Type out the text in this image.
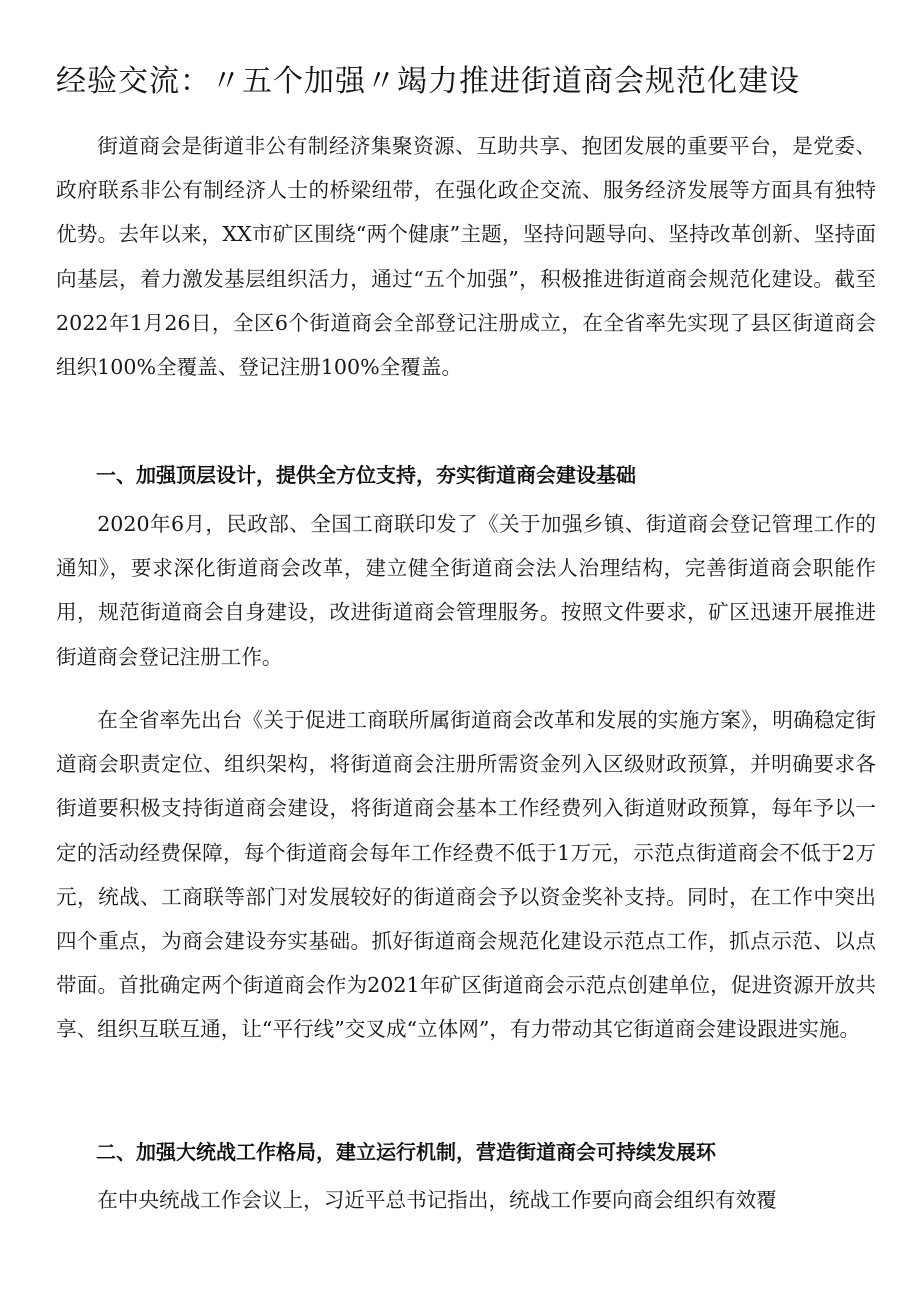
经验交流：〃五个加强〃竭力推进街道商会规范化建设

街道商会是街道非公有制经济集聚资源、互助共享、抱团发展的重要平台，是党委、政府联系非公有制经济人士的桥梁纽带，在强化政企交流、服务经济发展等方面具有独特优势。去年以来，XX市矿区围绕“两个健康”主题，坚持问题导向、坚持改革创新、坚持面向基层，着力激发基层组织活力，通过“五个加强”，积极推进街道商会规范化建设。截至2022年1月26日，全区6个街道商会全部登记注册成立，在全省率先实现了县区街道商会组织100%全覆盖、登记注册100%全覆盖。

一、加强顶层设计，提供全方位支持，夯实街道商会建设基础

2020年6月，民政部、全国工商联印发了《关于加强乡镇、街道商会登记管理工作的通知》，要求深化街道商会改革，建立健全街道商会法人治理结构，完善街道商会职能作用，规范街道商会自身建设，改进街道商会管理服务。按照文件要求，矿区迅速开展推进街道商会登记注册工作。

在全省率先出台《关于促进工商联所属街道商会改革和发展的实施方案》，明确稳定街道商会职责定位、组织架构，将街道商会注册所需资金列入区级财政预算，并明确要求各街道要积极支持街道商会建设，将街道商会基本工作经费列入街道财政预算，每年予以一定的活动经费保障，每个街道商会每年工作经费不低于1万元，示范点街道商会不低于2万元，统战、工商联等部门对发展较好的街道商会予以资金奖补支持。同时，在工作中突出四个重点，为商会建设夯实基础。抓好街道商会规范化建设示范点工作，抓点示范、以点带面。首批确定两个街道商会作为2021年矿区街道商会示范点创建单位，促进资源开放共享、组织互联互通，让“平行线”交叉成“立体网”，有力带动其它街道商会建设跟进实施。

二、加强大统战工作格局，建立运行机制，营造街道商会可持续发展环

在中央统战工作会议上，习近平总书记指出，统战工作要向商会组织有效覆
